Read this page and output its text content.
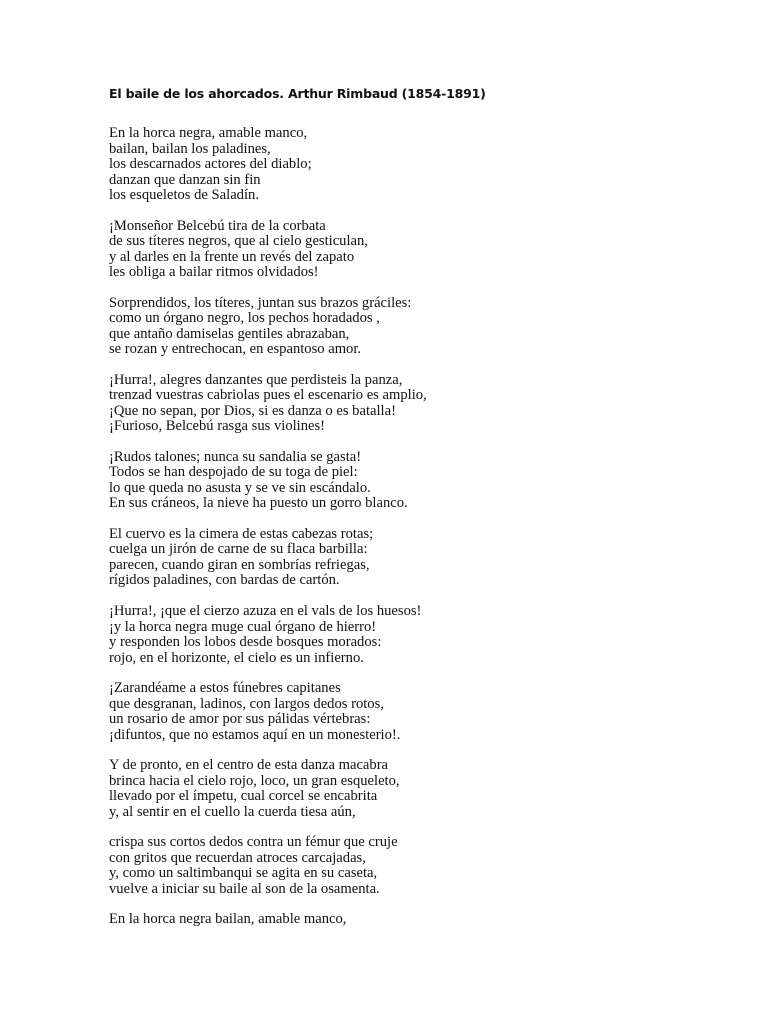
El baile de los ahorcados. Arthur Rimbaud (1854-1891)

En la horca negra, amable manco,
bailan, bailan los paladines,
los descarnados actores del diablo;
danzan que danzan sin fin
los esqueletos de Saladín.

¡Monseñor Belcebú tira de la corbata
de sus títeres negros, que al cielo gesticulan,
y al darles en la frente un revés del zapato
les obliga a bailar ritmos olvidados!

Sorprendidos, los títeres, juntan sus brazos gráciles:
como un órgano negro, los pechos horadados ,
que antaño damiselas gentiles abrazaban,
se rozan y entrechocan, en espantoso amor.

¡Hurra!, alegres danzantes que perdisteis la panza,
trenzad vuestras cabriolas pues el escenario es amplio,
¡Que no sepan, por Dios, si es danza o es batalla!
¡Furioso, Belcebú rasga sus violines!

¡Rudos talones; nunca su sandalia se gasta!
Todos se han despojado de su toga de piel:
lo que queda no asusta y se ve sin escándalo.
En sus cráneos, la nieve ha puesto un gorro blanco.

El cuervo es la cimera de estas cabezas rotas;
cuelga un jirón de carne de su flaca barbilla:
parecen, cuando giran en sombrías refriegas,
rígidos paladines, con bardas de cartón.

¡Hurra!, ¡que el cierzo azuza en el vals de los huesos!
¡y la horca negra muge cual órgano de hierro!
y responden los lobos desde bosques morados:
rojo, en el horizonte, el cielo es un infierno.

¡Zarandéame a estos fúnebres capitanes
que desgranan, ladinos, con largos dedos rotos,
un rosario de amor por sus pálidas vértebras:
¡difuntos, que no estamos aquí en un monesterio!.

Y de pronto, en el centro de esta danza macabra
brinca hacia el cielo rojo, loco, un gran esqueleto,
llevado por el ímpetu, cual corcel se encabrita
y, al sentir en el cuello la cuerda tiesa aún,

crispa sus cortos dedos contra un fémur que cruje
con gritos que recuerdan atroces carcajadas,
y, como un saltimbanqui se agita en su caseta,
vuelve a iniciar su baile al son de la osamenta.

En la horca negra bailan, amable manco,
